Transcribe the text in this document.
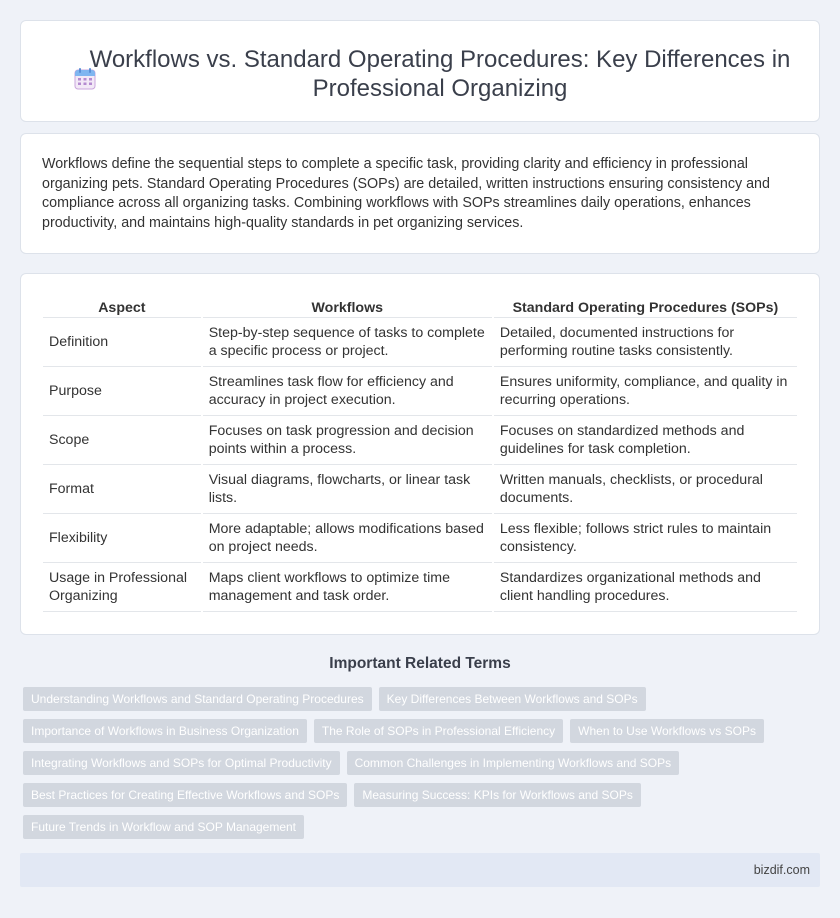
Workflows vs. Standard Operating Procedures: Key Differences in Professional Organizing

Workflows define the sequential steps to complete a specific task, providing clarity and efficiency in professional organizing pets. Standard Operating Procedures (SOPs) are detailed, written instructions ensuring consistency and compliance across all organizing tasks. Combining workflows with SOPs streamlines daily operations, enhances productivity, and maintains high-quality standards in pet organizing services.

Aspect	Workflows	Standard Operating Procedures (SOPs)
Definition	Step-by-step sequence of tasks to complete a specific process or project.	Detailed, documented instructions for performing routine tasks consistently.
Purpose	Streamlines task flow for efficiency and accuracy in project execution.	Ensures uniformity, compliance, and quality in recurring operations.
Scope	Focuses on task progression and decision points within a process.	Focuses on standardized methods and guidelines for task completion.
Format	Visual diagrams, flowcharts, or linear task lists.	Written manuals, checklists, or procedural documents.
Flexibility	More adaptable; allows modifications based on project needs.	Less flexible; follows strict rules to maintain consistency.
Usage in Professional Organizing	Maps client workflows to optimize time management and task order.	Standardizes organizational methods and client handling procedures.
Important Related Terms
Understanding Workflows and Standard Operating Procedures	Key Differences Between Workflows and SOPs
Importance of Workflows in Business Organization	The Role of SOPs in Professional Efficiency	When to Use Workflows vs SOPs
Integrating Workflows and SOPs for Optimal Productivity	Common Challenges in Implementing Workflows and SOPs
Best Practices for Creating Effective Workflows and SOPs	Measuring Success: KPIs for Workflows and SOPs
Future Trends in Workflow and SOP Management
bizdif.com
